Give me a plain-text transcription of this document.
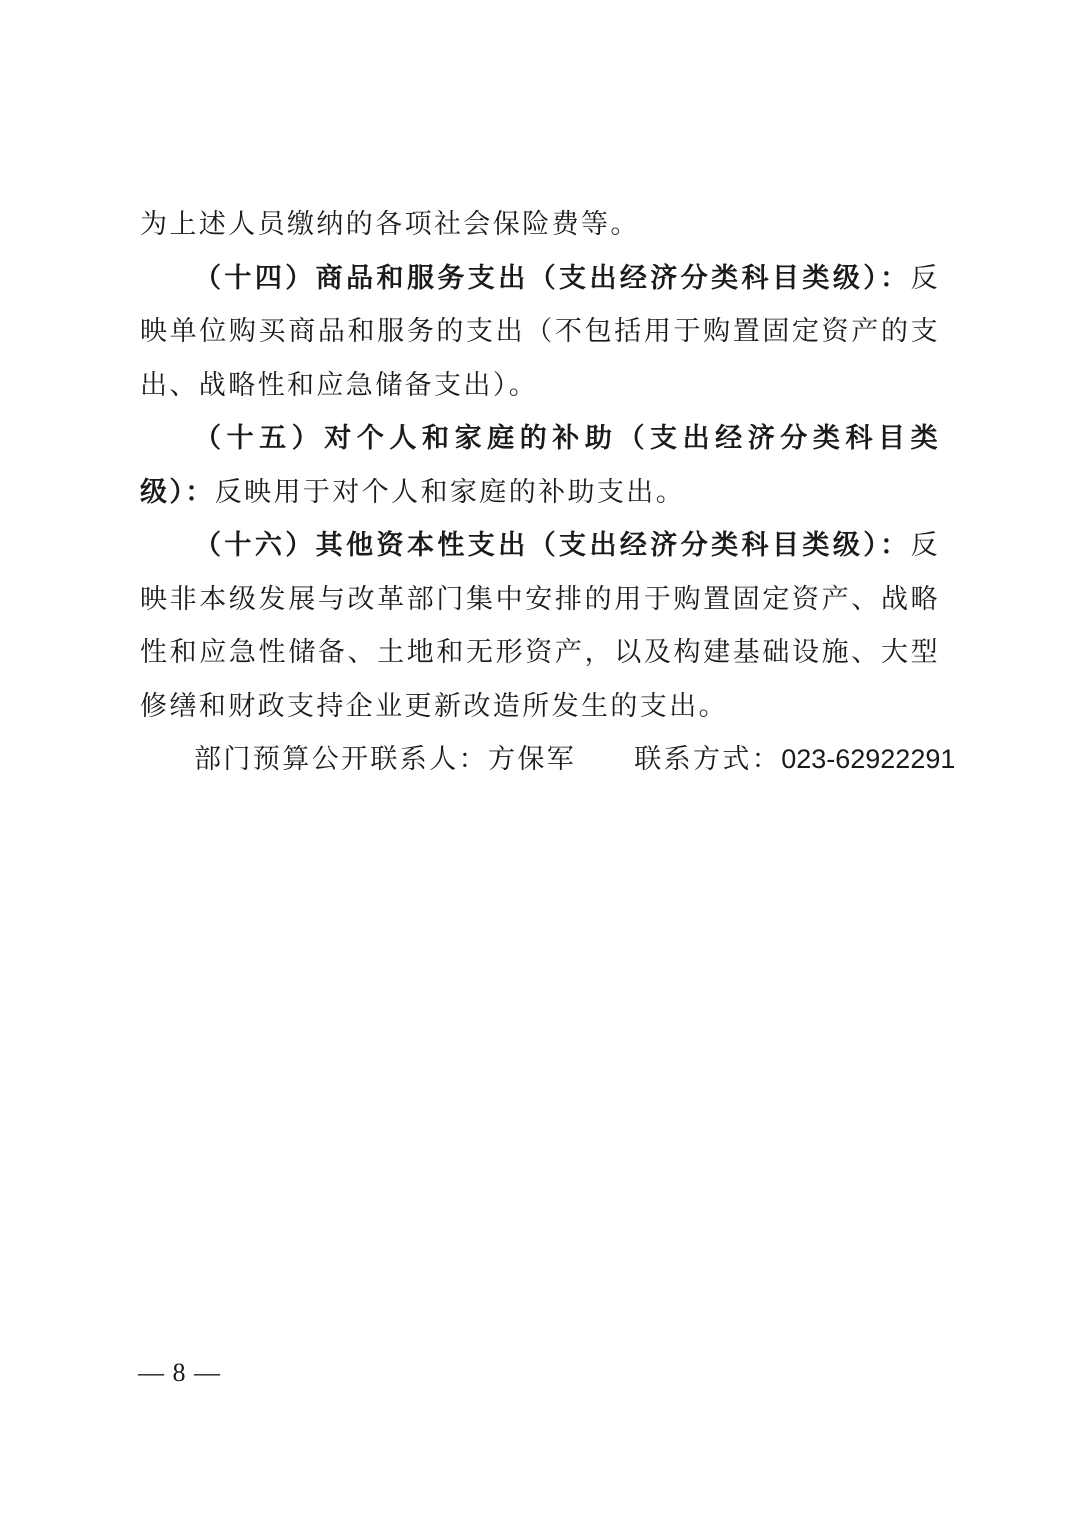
为上述人员缴纳的各项社会保险费等。

（十四）商品和服务支出（支出经济分类科目类级）：反映单位购买商品和服务的支出（不包括用于购置固定资产的支出、战略性和应急储备支出）。

（十五）对个人和家庭的补助（支出经济分类科目类级）：反映用于对个人和家庭的补助支出。

（十六）其他资本性支出（支出经济分类科目类级）：反映非本级发展与改革部门集中安排的用于购置固定资产、战略性和应急性储备、土地和无形资产，以及构建基础设施、大型修缮和财政支持企业更新改造所发生的支出。

部门预算公开联系人：方保军 联系方式：023-62922291

— 8 —
